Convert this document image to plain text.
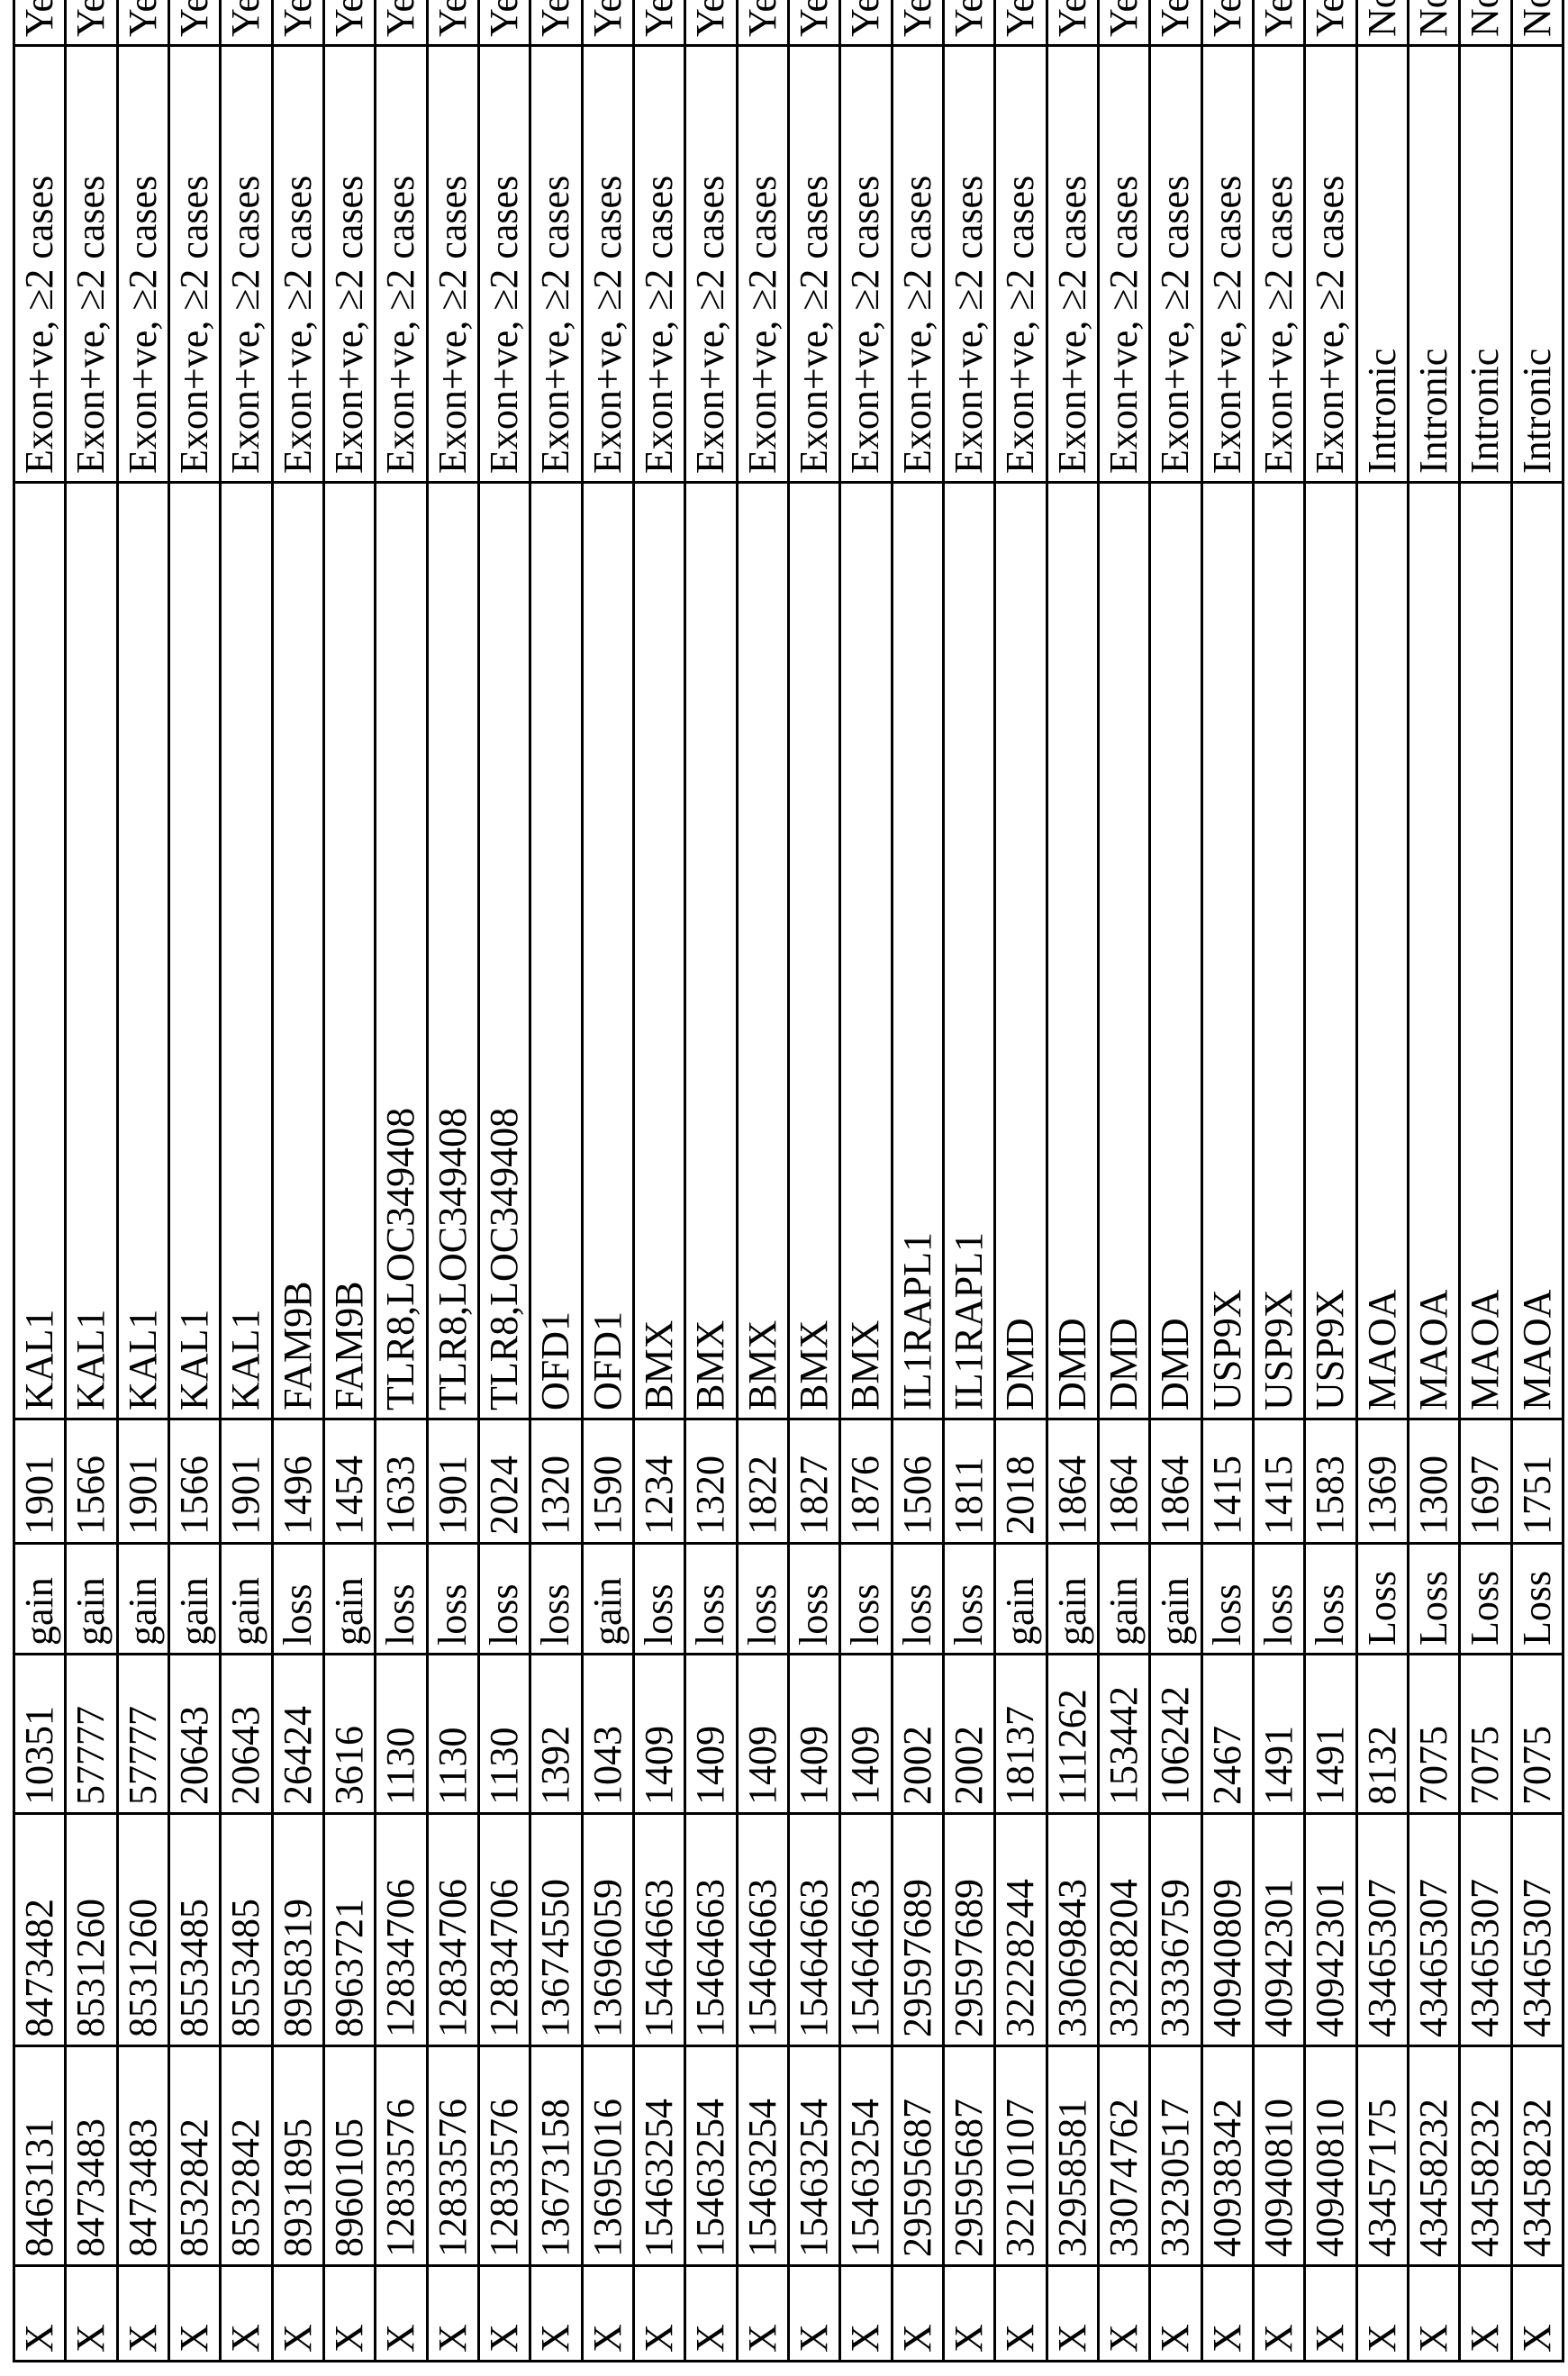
X	8463131	8473482	10351	gain	1901	KAL1	Exon+ve, ≥2 cases	Yes
X	8473483	8531260	57777	gain	1566	KAL1	Exon+ve, ≥2 cases	Yes
X	8473483	8531260	57777	gain	1901	KAL1	Exon+ve, ≥2 cases	Yes
X	8532842	8553485	20643	gain	1566	KAL1	Exon+ve, ≥2 cases	Yes
X	8532842	8553485	20643	gain	1901	KAL1	Exon+ve, ≥2 cases	Yes
X	8931895	8958319	26424	loss	1496	FAM9B	Exon+ve, ≥2 cases	Yes
X	8960105	8963721	3616	gain	1454	FAM9B	Exon+ve, ≥2 cases	Yes
X	12833576	12834706	1130	loss	1633	TLR8,LOC349408	Exon+ve, ≥2 cases	Yes
X	12833576	12834706	1130	loss	1901	TLR8,LOC349408	Exon+ve, ≥2 cases	Yes
X	12833576	12834706	1130	loss	2024	TLR8,LOC349408	Exon+ve, ≥2 cases	Yes
X	13673158	13674550	1392	loss	1320	OFD1	Exon+ve, ≥2 cases	Yes
X	13695016	13696059	1043	gain	1590	OFD1	Exon+ve, ≥2 cases	Yes
X	15463254	15464663	1409	loss	1234	BMX	Exon+ve, ≥2 cases	Yes
X	15463254	15464663	1409	loss	1320	BMX	Exon+ve, ≥2 cases	Yes
X	15463254	15464663	1409	loss	1822	BMX	Exon+ve, ≥2 cases	Yes
X	15463254	15464663	1409	loss	1827	BMX	Exon+ve, ≥2 cases	Yes
X	15463254	15464663	1409	loss	1876	BMX	Exon+ve, ≥2 cases	Yes
X	29595687	29597689	2002	loss	1506	IL1RAPL1	Exon+ve, ≥2 cases	Yes
X	29595687	29597689	2002	loss	1811	IL1RAPL1	Exon+ve, ≥2 cases	Yes
X	32210107	32228244	18137	gain	2018	DMD	Exon+ve, ≥2 cases	Yes
X	32958581	33069843	111262	gain	1864	DMD	Exon+ve, ≥2 cases	Yes
X	33074762	33228204	153442	gain	1864	DMD	Exon+ve, ≥2 cases	Yes
X	33230517	33336759	106242	gain	1864	DMD	Exon+ve, ≥2 cases	Yes
X	40938342	40940809	2467	loss	1415	USP9X	Exon+ve, ≥2 cases	Yes
X	40940810	40942301	1491	loss	1415	USP9X	Exon+ve, ≥2 cases	Yes
X	40940810	40942301	1491	loss	1583	USP9X	Exon+ve, ≥2 cases	Yes
X	43457175	43465307	8132	Loss	1369	MAOA	Intronic	No
X	43458232	43465307	7075	Loss	1300	MAOA	Intronic	No
X	43458232	43465307	7075	Loss	1697	MAOA	Intronic	No
X	43458232	43465307	7075	Loss	1751	MAOA	Intronic	No
